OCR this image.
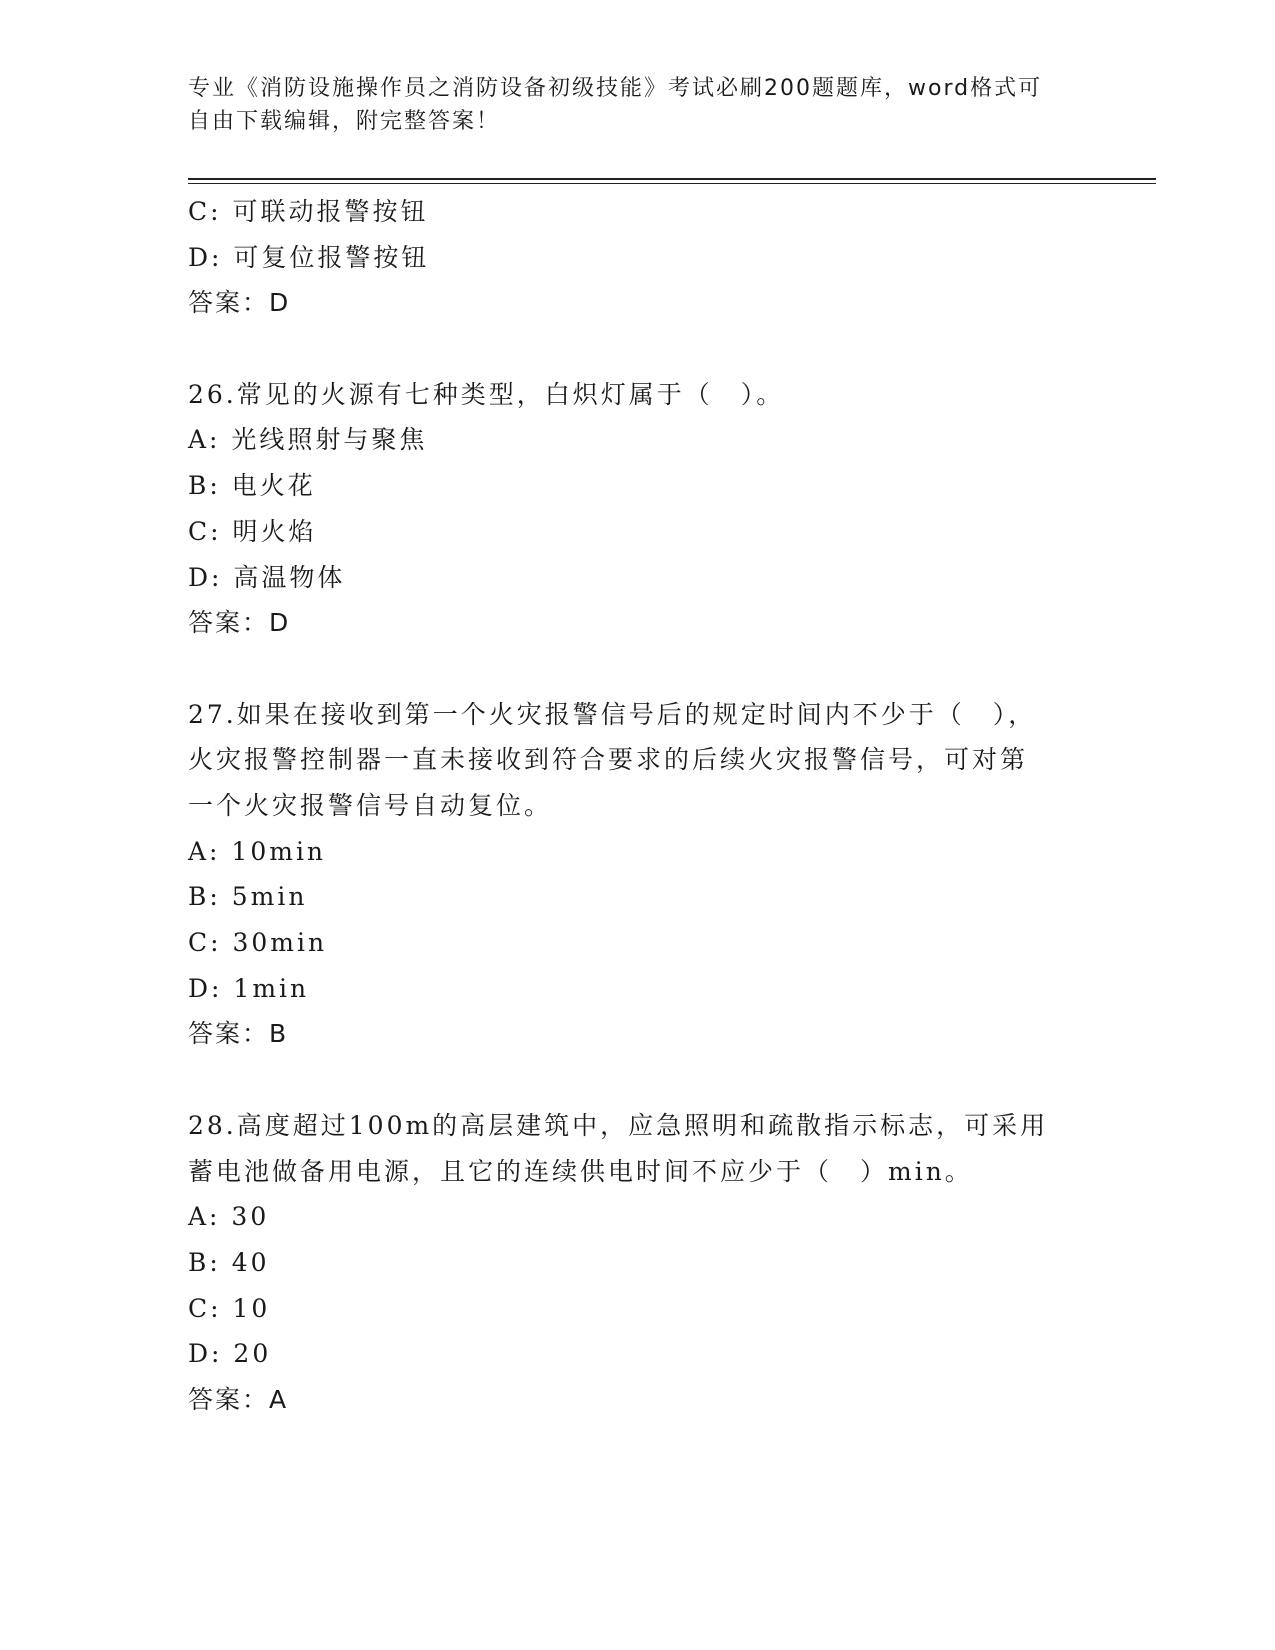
专业《消防设施操作员之消防设备初级技能》考试必刷200题题库，word格式可
自由下载编辑，附完整答案！
C: 可联动报警按钮
D: 可复位报警按钮
答案：D
26.常见的火源有七种类型，白炽灯属于（　）。
A: 光线照射与聚焦
B: 电火花
C: 明火焰
D: 高温物体
答案：D
27.如果在接收到第一个火灾报警信号后的规定时间内不少于（　），
火灾报警控制器一直未接收到符合要求的后续火灾报警信号，可对第
一个火灾报警信号自动复位。
A: 10min
B: 5min
C: 30min
D: 1min
答案：B
28.高度超过100m的高层建筑中，应急照明和疏散指示标志，可采用
蓄电池做备用电源，且它的连续供电时间不应少于（　）min。
A: 30
B: 40
C: 10
D: 20
答案：A
